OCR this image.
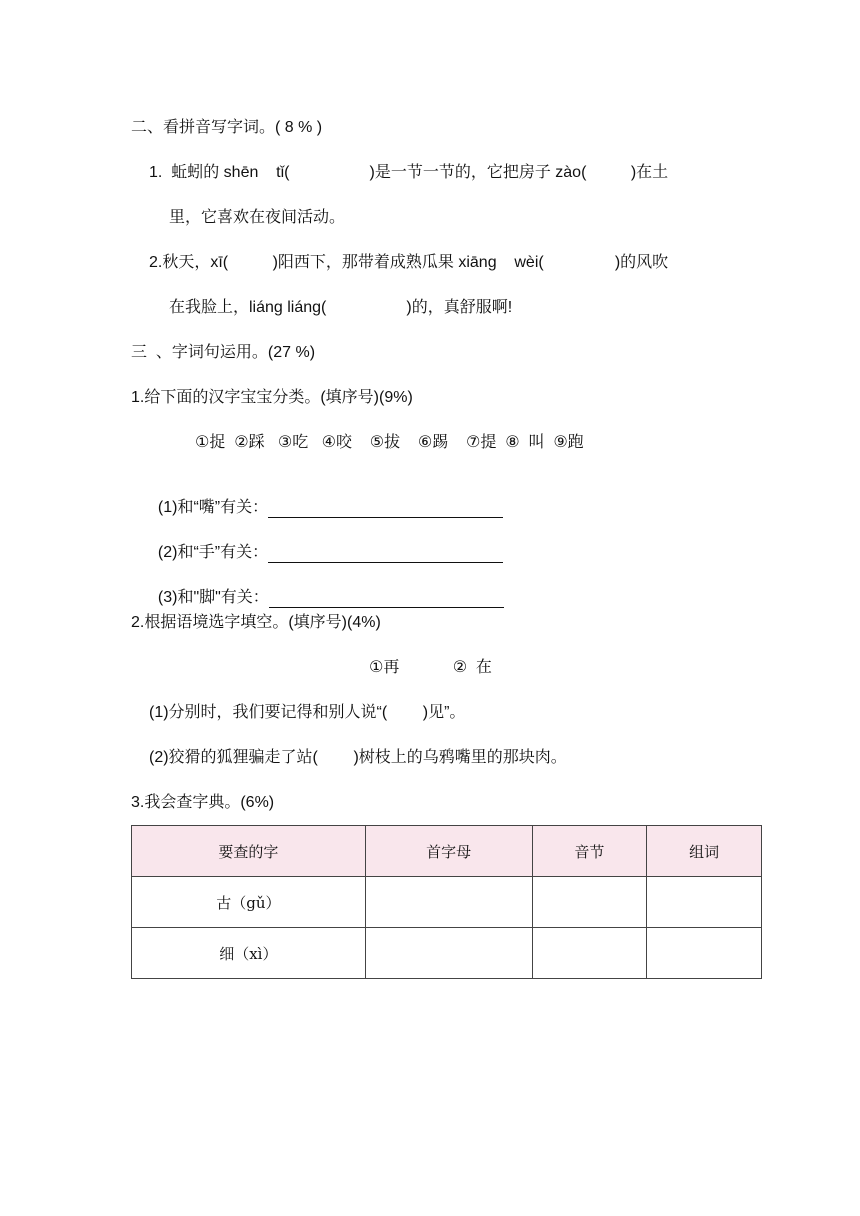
二、看拼音写字词。( 8 % )
1.  蚯蚓的 shēn    tǐ(                  )是一节一节的，它把房子 zào(          )在土
里，它喜欢在夜间活动。
2.秋天，xī(          )阳西下，那带着成熟瓜果 xiāng    wèi(                )的风吹
在我脸上，liáng liáng(                  )的，真舒服啊!
三  、字词句运用。(27 %)
1.给下面的汉字宝宝分类。(填序号)(9%)
①捉  ②踩   ③吃   ④咬    ⑤拔    ⑥踢    ⑦提  ⑧  叫  ⑨跑

(1)和“嘴”有关：

(2)和“手”有关：

(3)和"脚"有关：

2.根据语境选字填空。(填序号)(4%)
①再            ②  在
(1)分别时，我们要记得和别人说“(        )见”。
(2)狡猾的狐狸骗走了站(        )树枝上的乌鸦嘴里的那块肉。
3.我会查字典。(6%)
要查的字	首字母	音节	组词
古（gǔ）			
细（xì）			
